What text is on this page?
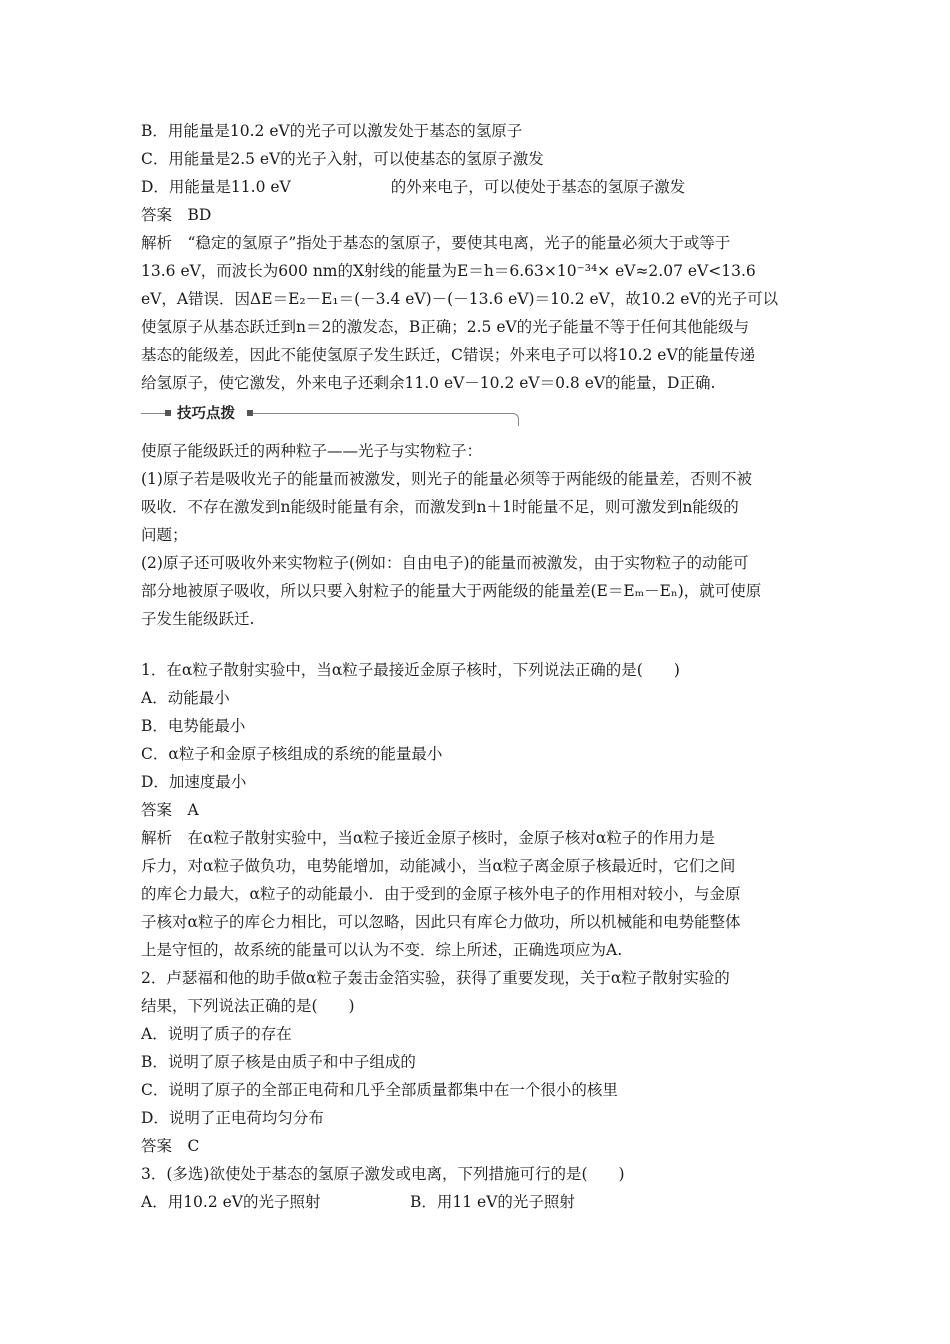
B．用能量是10.2 eV的光子可以激发处于基态的氢原子
C．用能量是2.5 eV的光子入射，可以使基态的氢原子激发
D．用能量是11.0 eV	的外来电子，可以使处于基态的氢原子激发
答案　BD
解析　“稳定的氢原子”指处于基态的氢原子，要使其电离，光子的能量必须大于或等于
13.6 eV，而波长为600 nm的X射线的能量为E＝h＝6.63×10⁻³⁴× eV≈2.07 eV<13.6
eV，A错误．因ΔE＝E₂－E₁＝(－3.4 eV)－(－13.6 eV)＝10.2 eV，故10.2 eV的光子可以
使氢原子从基态跃迁到n＝2的激发态，B正确；2.5 eV的光子能量不等于任何其他能级与
基态的能级差，因此不能使氢原子发生跃迁，C错误；外来电子可以将10.2 eV的能量传递
给氢原子，使它激发，外来电子还剩余11.0 eV－10.2 eV＝0.8 eV的能量，D正确.
技巧点拨
使原子能级跃迁的两种粒子——光子与实物粒子：
(1)原子若是吸收光子的能量而被激发，则光子的能量必须等于两能级的能量差，否则不被
吸收．不存在激发到n能级时能量有余，而激发到n＋1时能量不足，则可激发到n能级的
问题；
(2)原子还可吸收外来实物粒子(例如：自由电子)的能量而被激发，由于实物粒子的动能可
部分地被原子吸收，所以只要入射粒子的能量大于两能级的能量差(E＝Eₘ－Eₙ)，就可使原
子发生能级跃迁.
1．在α粒子散射实验中，当α粒子最接近金原子核时，下列说法正确的是(　　)
A．动能最小
B．电势能最小
C．α粒子和金原子核组成的系统的能量最小
D．加速度最小
答案　A
解析　在α粒子散射实验中，当α粒子接近金原子核时，金原子核对α粒子的作用力是
斥力，对α粒子做负功，电势能增加，动能减小，当α粒子离金原子核最近时，它们之间
的库仑力最大，α粒子的动能最小．由于受到的金原子核外电子的作用相对较小，与金原
子核对α粒子的库仑力相比，可以忽略，因此只有库仑力做功，所以机械能和电势能整体
上是守恒的，故系统的能量可以认为不变．综上所述，正确选项应为A.
2．卢瑟福和他的助手做α粒子轰击金箔实验，获得了重要发现，关于α粒子散射实验的
结果，下列说法正确的是(　　)
A．说明了质子的存在
B．说明了原子核是由质子和中子组成的
C．说明了原子的全部正电荷和几乎全部质量都集中在一个很小的核里
D．说明了正电荷均匀分布
答案　C
3．(多选)欲使处于基态的氢原子激发或电离，下列措施可行的是(　　)
A．用10.2 eV的光子照射	B．用11 eV的光子照射
